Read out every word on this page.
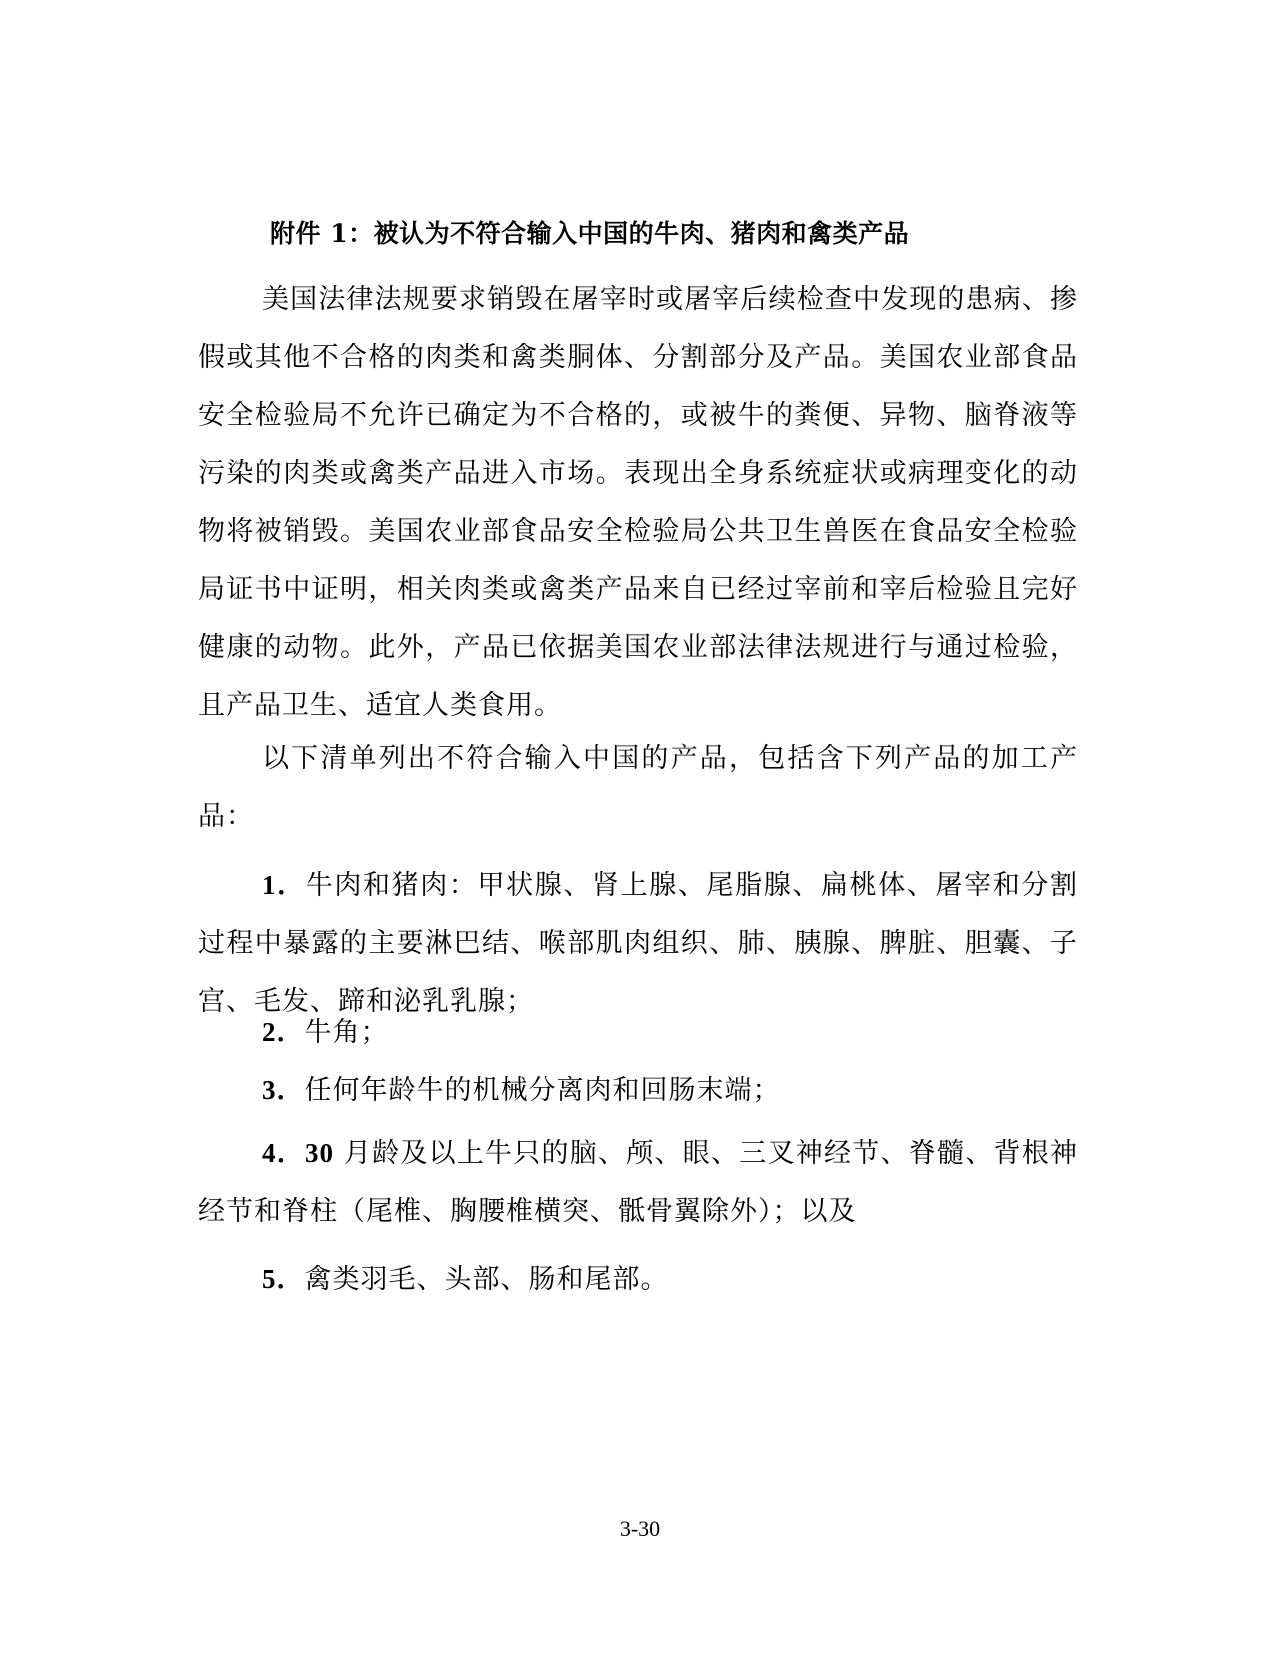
附件 1：被认为不符合输入中国的牛肉、猪肉和禽类产品

美国法律法规要求销毁在屠宰时或屠宰后续检查中发现的患病、掺假或其他不合格的肉类和禽类胴体、分割部分及产品。美国农业部食品安全检验局不允许已确定为不合格的，或被牛的粪便、异物、脑脊液等污染的肉类或禽类产品进入市场。表现出全身系统症状或病理变化的动物将被销毁。美国农业部食品安全检验局公共卫生兽医在食品安全检验局证书中证明，相关肉类或禽类产品来自已经过宰前和宰后检验且完好健康的动物。此外，产品已依据美国农业部法律法规进行与通过检验，且产品卫生、适宜人类食用。

以下清单列出不符合输入中国的产品，包括含下列产品的加工产品：

1．牛肉和猪肉：甲状腺、肾上腺、尾脂腺、扁桃体、屠宰和分割过程中暴露的主要淋巴结、喉部肌肉组织、肺、胰腺、脾脏、胆囊、子宫、毛发、蹄和泌乳乳腺；

2．牛角；

3．任何年龄牛的机械分离肉和回肠末端；

4．30 月龄及以上牛只的脑、颅、眼、三叉神经节、脊髓、背根神经节和脊柱（尾椎、胸腰椎横突、骶骨翼除外）；以及

5．禽类羽毛、头部、肠和尾部。

3-30
